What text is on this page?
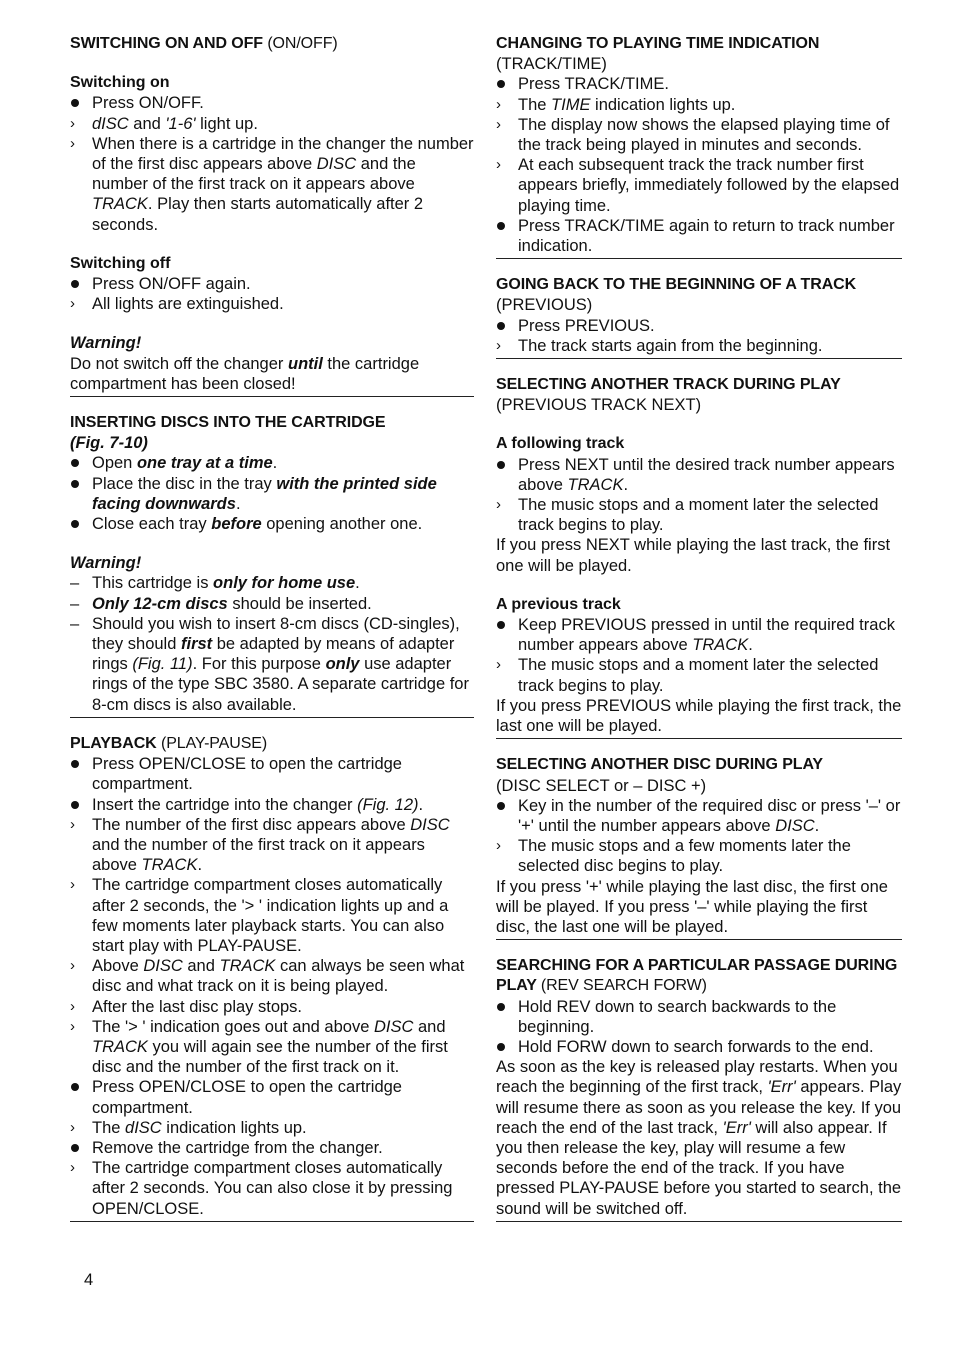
SWITCHING ON AND OFF (ON/OFF)
Switching on

Press ON/OFF.

›	dISC and '1-6' light up.

›	When there is a cartridge in the changer the number of the first disc appears above DISC and the number of the first track on it appears above TRACK. Play then starts automatically after 2 seconds.

Switching off

Press ON/OFF again.

›	All lights are extinguished.

Warning!

Do not switch off the changer until the cartridge compartment has been closed!

INSERTING DISCS INTO THE CARTRIDGE

(Fig. 7-10)

Open one tray at a time.

Place the disc in the tray with the printed side facing downwards.

Close each tray before opening another one.

Warning!

– This cartridge is only for home use.

– Only 12-cm discs should be inserted.

– Should you wish to insert 8-cm discs (CD-singles), they should first be adapted by means of adapter rings (Fig. 11). For this purpose only use adapter rings of the type SBC 3580. A separate cartridge for 8-cm discs is also available.

PLAYBACK (PLAY-PAUSE)

Press OPEN/CLOSE to open the cartridge compartment.

Insert the cartridge into the changer (Fig. 12).

›	The number of the first disc appears above DISC and the number of the first track on it appears above TRACK.

›	The cartridge compartment closes automatically after 2 seconds, the '> ' indication lights up and a few moments later playback starts. You can also start play with PLAY-PAUSE.

›	Above DISC and TRACK can always be seen what disc and what track on it is being played.

›	After the last disc play stops.

›	The '> ' indication goes out and above DISC and TRACK you will again see the number of the first disc and the number of the first track on it.

Press OPEN/CLOSE to open the cartridge compartment.

›	The dISC indication lights up.

Remove the cartridge from the changer.

›	The cartridge compartment closes automatically after 2 seconds. You can also close it by pressing OPEN/CLOSE.

CHANGING TO PLAYING TIME INDICATION

(TRACK/TIME)

Press TRACK/TIME.

›	The TIME indication lights up.

›	The display now shows the elapsed playing time of the track being played in minutes and seconds.

›	At each subsequent track the track number first appears briefly, immediately followed by the elapsed playing time.

Press TRACK/TIME again to return to track number indication.

GOING BACK TO THE BEGINNING OF A TRACK

(PREVIOUS)

Press PREVIOUS.

›	The track starts again from the beginning.

SELECTING ANOTHER TRACK DURING PLAY

(PREVIOUS TRACK NEXT)

A following track

Press NEXT until the desired track number appears above TRACK.

›	The music stops and a moment later the selected track begins to play.

If you press NEXT while playing the last track, the first one will be played.

A previous track

Keep PREVIOUS pressed in until the required track number appears above TRACK.

›	The music stops and a moment later the selected track begins to play.

If you press PREVIOUS while playing the first track, the last one will be played.

SELECTING ANOTHER DISC DURING PLAY

(DISC SELECT or – DISC +)

Key in the number of the required disc or press '–' or '+' until the number appears above DISC.

›	The music stops and a few moments later the selected disc begins to play.

If you press '+' while playing the last disc, the first one will be played. If you press '–' while playing the first disc, the last one will be played.

SEARCHING FOR A PARTICULAR PASSAGE DURING PLAY (REV SEARCH FORW)

Hold REV down to search backwards to the beginning.

Hold FORW down to search forwards to the end.

As soon as the key is released play restarts. When you reach the beginning of the first track, 'Err' appears. Play will resume there as soon as you release the key. If you reach the end of the last track, 'Err' will also appear. If you then release the key, play will resume a few seconds before the end of the track. If you have pressed PLAY-PAUSE before you started to search, the sound will be switched off.

4
